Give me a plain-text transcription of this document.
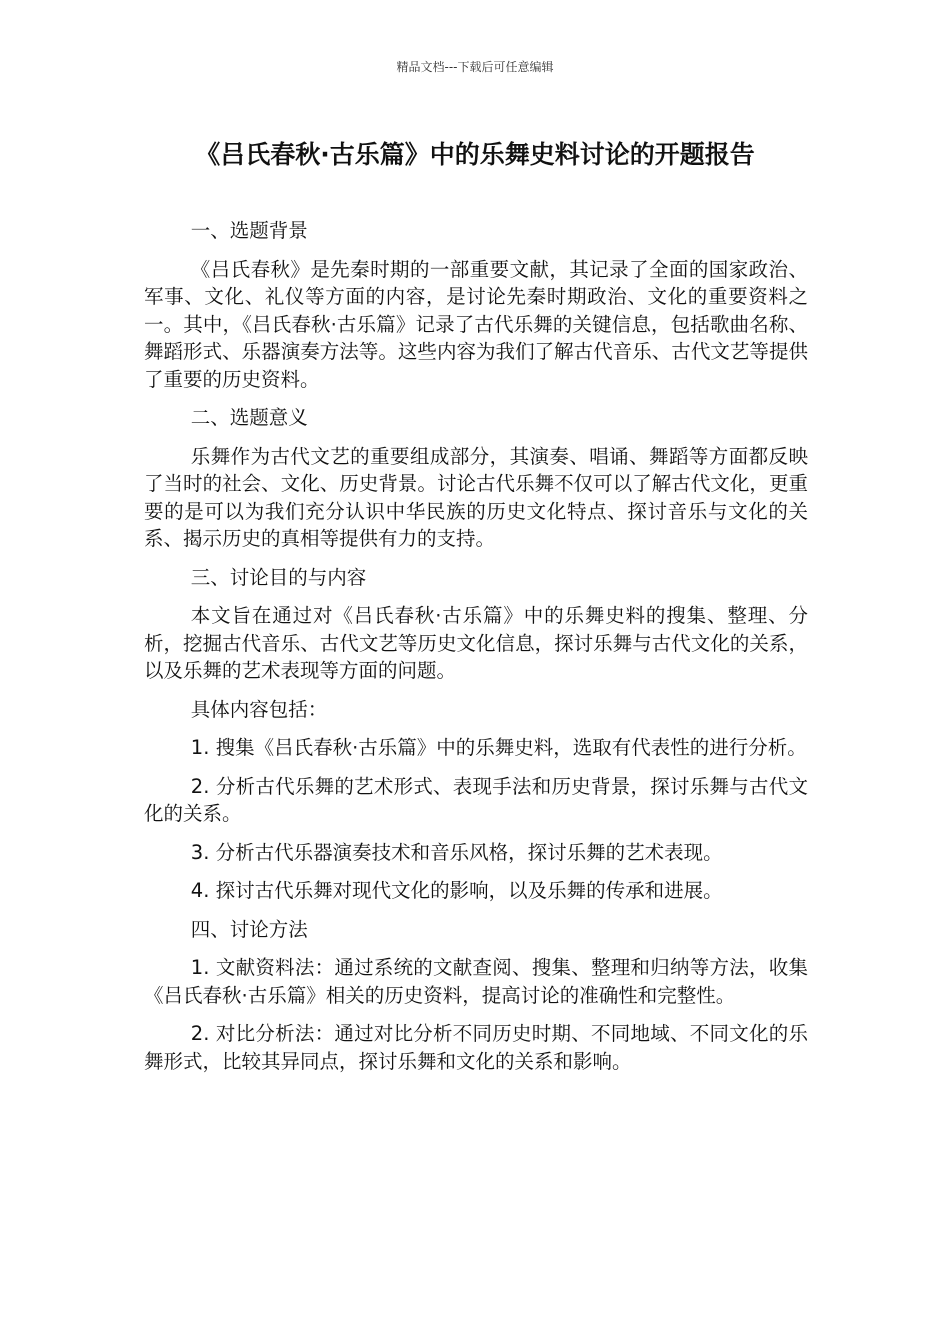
精品文档---下载后可任意编辑
《吕氏春秋·古乐篇》中的乐舞史料讨论的开题报告

一、选题背景

《吕氏春秋》是先秦时期的一部重要文献，其记录了全面的国家政治、军事、文化、礼仪等方面的内容，是讨论先秦时期政治、文化的重要资料之一。其中，《吕氏春秋·古乐篇》记录了古代乐舞的关键信息，包括歌曲名称、舞蹈形式、乐器演奏方法等。这些内容为我们了解古代音乐、古代文艺等提供了重要的历史资料。

二、选题意义

乐舞作为古代文艺的重要组成部分，其演奏、唱诵、舞蹈等方面都反映了当时的社会、文化、历史背景。讨论古代乐舞不仅可以了解古代文化，更重要的是可以为我们充分认识中华民族的历史文化特点、探讨音乐与文化的关系、揭示历史的真相等提供有力的支持。

三、讨论目的与内容

本文旨在通过对《吕氏春秋·古乐篇》中的乐舞史料的搜集、整理、分析，挖掘古代音乐、古代文艺等历史文化信息，探讨乐舞与古代文化的关系，以及乐舞的艺术表现等方面的问题。

具体内容包括：

1. 搜集《吕氏春秋·古乐篇》中的乐舞史料，选取有代表性的进行分析。

2. 分析古代乐舞的艺术形式、表现手法和历史背景，探讨乐舞与古代文化的关系。

3. 分析古代乐器演奏技术和音乐风格，探讨乐舞的艺术表现。

4. 探讨古代乐舞对现代文化的影响，以及乐舞的传承和进展。

四、讨论方法

1. 文献资料法：通过系统的文献查阅、搜集、整理和归纳等方法，收集《吕氏春秋·古乐篇》相关的历史资料，提高讨论的准确性和完整性。

2. 对比分析法：通过对比分析不同历史时期、不同地域、不同文化的乐舞形式，比较其异同点，探讨乐舞和文化的关系和影响。
